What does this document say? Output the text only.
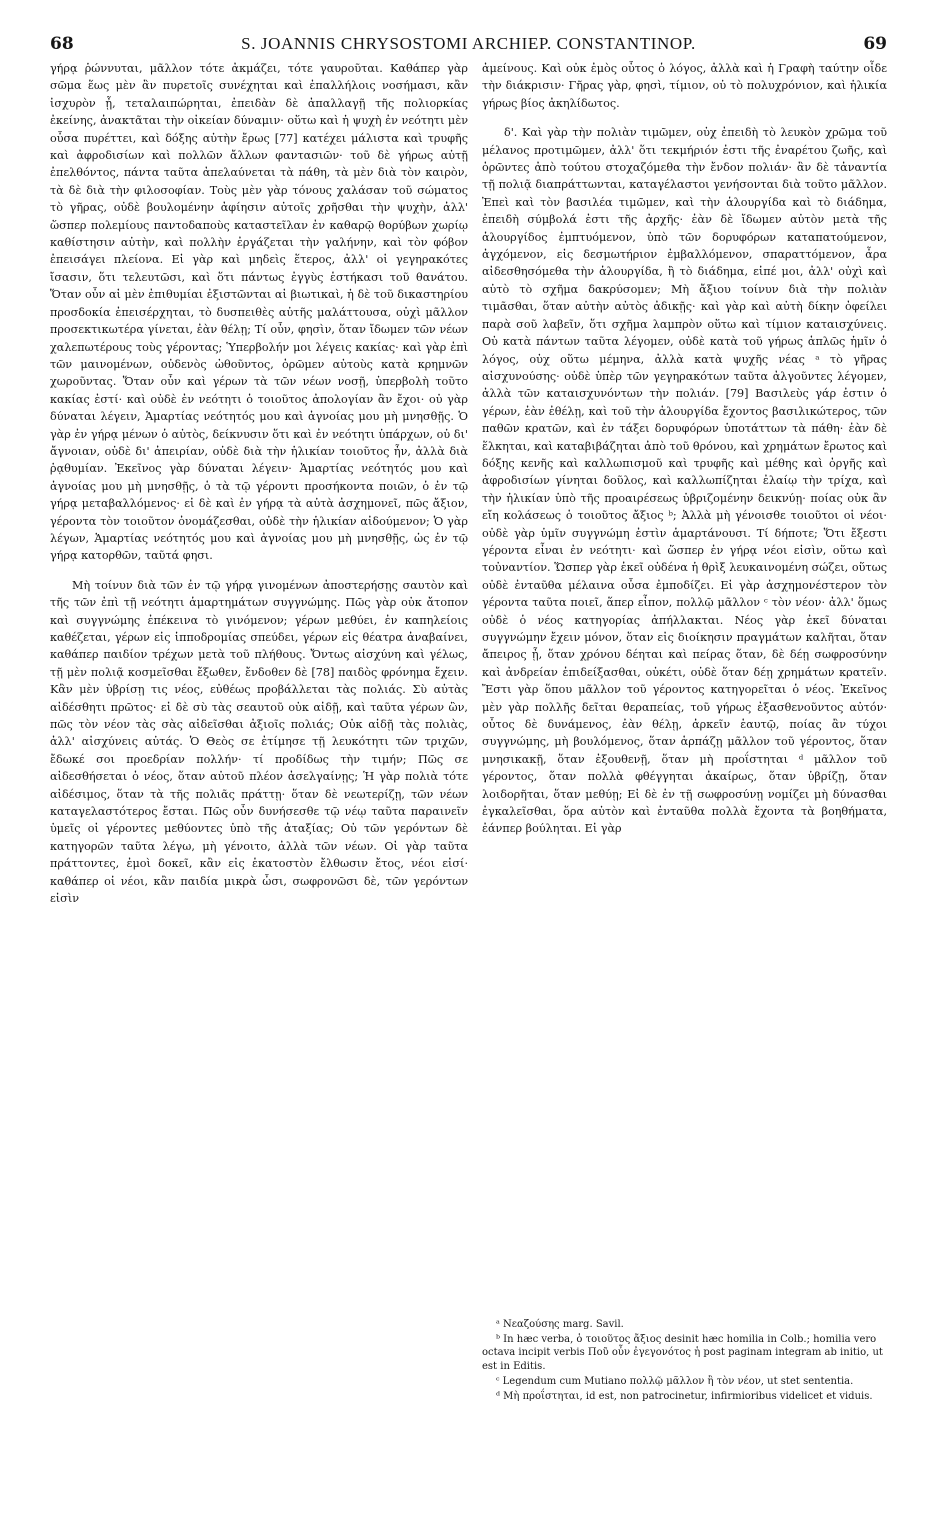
68	S. JOANNIS CHRYSOSTOMI ARCHIEP. CONSTANTINOP.	69

γήρᾳ ῥώννυται, μᾶλλον τότε ἀκμάζει, τότε γαυροῦται. Καθάπερ γὰρ σῶμα ἕως μὲν ἂν πυρετοῖς συνέχηται καὶ ἐπαλλήλοις νοσήμασι, κἂν ἰσχυρὸν ᾖ, τεταλαιπώρηται, ἐπειδὰν δὲ ἀπαλλαγῇ τῆς πολιορκίας ἐκείνης, ἀνακτᾶται τὴν οἰκείαν δύναμιν· οὕτω καὶ ἡ ψυχὴ ἐν νεότητι μὲν οὖσα πυρέττει, καὶ δόξης αὐτὴν ἔρως [77] κατέχει μάλιστα καὶ τρυφῆς καὶ ἀφροδισίων καὶ πολλῶν ἄλλων φαντασιῶν· τοῦ δὲ γήρως αὐτῇ ἐπελθόντος, πάντα ταῦτα ἀπελαύνεται τὰ πάθη, τὰ μὲν διὰ τὸν καιρὸν, τὰ δὲ διὰ τὴν φιλοσοφίαν. Τοὺς μὲν γὰρ τόνους χαλάσαν τοῦ σώματος τὸ γῆρας, οὐδὲ βουλομένην ἀφίησιν αὐτοῖς χρῆσθαι τὴν ψυχὴν, ἀλλ' ὥσπερ πολεμίους παντοδαποὺς καταστεῖλαν ἐν καθαρῷ θορύβων χωρίῳ καθίστησιν αὐτὴν, καὶ πολλὴν ἐργάζεται τὴν γαλήνην, καὶ τὸν φόβον ἐπεισάγει πλείονα. Εἰ γὰρ καὶ μηδεὶς ἕτερος, ἀλλ' οἱ γεγηρακότες ἴσασιν, ὅτι τελευτῶσι, καὶ ὅτι πάντως ἐγγὺς ἑστήκασι τοῦ θανάτου. Ὅταν οὖν αἱ μὲν ἐπιθυμίαι ἐξιστῶνται αἱ βιωτικαὶ, ἡ δὲ τοῦ δικαστηρίου προσδοκία ἐπεισέρχηται, τὸ δυσπειθὲς αὐτῆς μαλάττουσα, οὐχὶ μᾶλλον προσεκτικωτέρα γίνεται, ἐὰν θέλῃ; Τί οὖν, φησὶν, ὅταν ἴδωμεν τῶν νέων χαλεπωτέρους τοὺς γέροντας; Ὑπερβολήν μοι λέγεις κακίας· καὶ γὰρ ἐπὶ τῶν μαινομένων, οὐδενὸς ὠθοῦντος, ὁρῶμεν αὐτοὺς κατὰ κρημνῶν χωροῦντας. Ὅταν οὖν καὶ γέρων τὰ τῶν νέων νοσῇ, ὑπερβολὴ τοῦτο κακίας ἐστί· καὶ οὐδὲ ἐν νεότητι ὁ τοιοῦτος ἀπολογίαν ἂν ἔχοι· οὐ γὰρ δύναται λέγειν, Ἁμαρτίας νεότητός μου καὶ ἀγνοίας μου μὴ μνησθῇς. Ὁ γὰρ ἐν γήρᾳ μένων ὁ αὐτὸς, δείκνυσιν ὅτι καὶ ἐν νεότητι ὑπάρχων, οὐ δι' ἄγνοιαν, οὐδὲ δι' ἀπειρίαν, οὐδὲ διὰ τὴν ἡλικίαν τοιοῦτος ἦν, ἀλλὰ διὰ ῥᾳθυμίαν. Ἐκεῖνος γὰρ δύναται λέγειν· Ἁμαρτίας νεότητός μου καὶ ἀγνοίας μου μὴ μνησθῇς, ὁ τὰ τῷ γέροντι προσήκοντα ποιῶν, ὁ ἐν τῷ γήρᾳ μεταβαλλόμενος· εἰ δὲ καὶ ἐν γήρᾳ τὰ αὐτὰ ἀσχημονεῖ, πῶς ἄξιον, γέροντα τὸν τοιοῦτον ὀνομάζεσθαι, οὐδὲ τὴν ἡλικίαν αἰδούμενον; Ὁ γὰρ λέγων, Ἁμαρτίας νεότητός μου καὶ ἀγνοίας μου μὴ μνησθῇς, ὡς ἐν τῷ γήρᾳ κατορθῶν, ταῦτά φησι.

Μὴ τοίνυν διὰ τῶν ἐν τῷ γήρᾳ γινομένων ἀποστερήσῃς σαυτὸν καὶ τῆς τῶν ἐπὶ τῇ νεότητι ἁμαρτημάτων συγγνώμης. Πῶς γὰρ οὐκ ἄτοπον καὶ συγγνώμης ἐπέκεινα τὸ γινόμενον; γέρων μεθύει, ἐν καπηλείοις καθέζεται, γέρων εἰς ἱπποδρομίας σπεύδει, γέρων εἰς θέατρα ἀναβαίνει, καθάπερ παιδίον τρέχων μετὰ τοῦ πλήθους. Ὄντως αἰσχύνη καὶ γέλως, τῇ μὲν πολιᾷ κοσμεῖσθαι ἔξωθεν, ἔνδοθεν δὲ [78] παιδὸς φρόνημα ἔχειν. Κἂν μὲν ὑβρίσῃ τις νέος, εὐθέως προβάλλεται τὰς πολιάς. Σὺ αὐτὰς αἰδέσθητι πρῶτος· εἰ δὲ σὺ τὰς σεαυτοῦ οὐκ αἰδῇ, καὶ ταῦτα γέρων ὢν, πῶς τὸν νέον τὰς σὰς αἰδεῖσθαι ἀξιοῖς πολιάς; Οὐκ αἰδῇ τὰς πολιὰς, ἀλλ' αἰσχύνεις αὐτάς. Ὁ Θεὸς σε ἐτίμησε τῇ λευκότητι τῶν τριχῶν, ἔδωκέ σοι προεδρίαν πολλήν· τί προδίδως τὴν τιμήν; Πῶς σε αἰδεσθήσεται ὁ νέος, ὅταν αὐτοῦ πλέον ἀσελγαίνῃς; Ἡ γὰρ πολιὰ τότε αἰδέσιμος, ὅταν τὰ τῆς πολιᾶς πράττῃ· ὅταν δὲ νεωτερίζῃ, τῶν νέων καταγελαστότερος ἔσται. Πῶς οὖν δυνήσεσθε τῷ νέῳ ταῦτα παραινεῖν ὑμεῖς οἱ γέροντες μεθύοντες ὑπὸ τῆς ἀταξίας; Οὐ τῶν γερόντων δὲ κατηγορῶν ταῦτα λέγω, μὴ γένοιτο, ἀλλὰ τῶν νέων. Οἱ γὰρ ταῦτα πράττοντες, ἐμοὶ δοκεῖ, κἂν εἰς ἑκατοστὸν ἔλθωσιν ἔτος, νέοι εἰσί· καθάπερ οἱ νέοι, κἂν παιδία μικρὰ ὦσι, σωφρονῶσι δὲ, τῶν γερόντων εἰσὶν

ἀμείνους. Καὶ οὐκ ἐμὸς οὗτος ὁ λόγος, ἀλλὰ καὶ ἡ Γραφὴ ταύτην οἶδε τὴν διάκρισιν· Γῆρας γὰρ, φησὶ, τίμιον, οὐ τὸ πολυχρόνιον, καὶ ἡλικία γήρως βίος ἀκηλίδωτος.

δ'. Καὶ γὰρ τὴν πολιὰν τιμῶμεν, οὐχ ἐπειδὴ τὸ λευκὸν χρῶμα τοῦ μέλανος προτιμῶμεν, ἀλλ' ὅτι τεκμήριόν ἐστι τῆς ἐναρέτου ζωῆς, καὶ ὁρῶντες ἀπὸ τούτου στοχαζόμεθα τὴν ἔνδον πολιάν· ἂν δὲ τἀναντία τῇ πολιᾷ διαπράττωνται, καταγέλαστοι γενήσονται διὰ τοῦτο μᾶλλον. Ἐπεὶ καὶ τὸν βασιλέα τιμῶμεν, καὶ τὴν ἁλουργίδα καὶ τὸ διάδημα, ἐπειδὴ σύμβολά ἐστι τῆς ἀρχῆς· ἐὰν δὲ ἴδωμεν αὐτὸν μετὰ τῆς ἁλουργίδος ἐμπτυόμενον, ὑπὸ τῶν δορυφόρων καταπατούμενον, ἀγχόμενον, εἰς δεσμωτήριον ἐμβαλλόμενον, σπαραττόμενον, ἆρα αἰδεσθησόμεθα τὴν ἁλουργίδα, ἢ τὸ διάδημα, εἰπέ μοι, ἀλλ' οὐχὶ καὶ αὐτὸ τὸ σχῆμα δακρύσομεν; Μὴ ἄξιου τοίνυν διὰ τὴν πολιὰν τιμᾶσθαι, ὅταν αὐτὴν αὐτὸς ἀδικῇς· καὶ γὰρ καὶ αὐτὴ δίκην ὀφείλει παρὰ σοῦ λαβεῖν, ὅτι σχῆμα λαμπρὸν οὕτω καὶ τίμιον καταισχύνεις. Οὐ κατὰ πάντων ταῦτα λέγομεν, οὐδὲ κατὰ τοῦ γήρως ἁπλῶς ἡμῖν ὁ λόγος, οὐχ οὕτω μέμηνα, ἀλλὰ κατὰ ψυχῆς νέας ᵃ τὸ γῆρας αἰσχυνούσης· οὐδὲ ὑπὲρ τῶν γεγηρακότων ταῦτα ἀλγοῦντες λέγομεν, ἀλλὰ τῶν καταισχυνόντων τὴν πολιάν. [79] Βασιλεὺς γάρ ἐστιν ὁ γέρων, ἐὰν ἐθέλῃ, καὶ τοῦ τὴν ἁλουργίδα ἔχοντος βασιλικώτερος, τῶν παθῶν κρατῶν, καὶ ἐν τάξει δορυφόρων ὑποτάττων τὰ πάθη· ἐὰν δὲ ἕλκηται, καὶ καταβιβάζηται ἀπὸ τοῦ θρόνου, καὶ χρημάτων ἔρωτος καὶ δόξης κενῆς καὶ καλλωπισμοῦ καὶ τρυφῆς καὶ μέθης καὶ ὀργῆς καὶ ἀφροδισίων γίνηται δοῦλος, καὶ καλλωπίζηται ἐλαίῳ τὴν τρίχα, καὶ τὴν ἡλικίαν ὑπὸ τῆς προαιρέσεως ὑβριζομένην δεικνύῃ· ποίας οὐκ ἂν εἴη κολάσεως ὁ τοιοῦτος ἄξιος ᵇ; Ἀλλὰ μὴ γένοισθε τοιοῦτοι οἱ νέοι· οὐδὲ γὰρ ὑμῖν συγγνώμη ἐστὶν ἁμαρτάνουσι. Τί δήποτε; Ὅτι ἔξεστι γέροντα εἶναι ἐν νεότητι· καὶ ὥσπερ ἐν γήρᾳ νέοι εἰσὶν, οὕτω καὶ τοὐναντίον. Ὥσπερ γὰρ ἐκεῖ οὐδένα ἡ θρὶξ λευκαινομένη σώζει, οὕτως οὐδὲ ἐνταῦθα μέλαινα οὖσα ἐμποδίζει. Εἰ γὰρ ἀσχημονέστερον τὸν γέροντα ταῦτα ποιεῖ, ἅπερ εἶπον, πολλῷ μᾶλλον ᶜ τὸν νέον· ἀλλ' ὅμως οὐδὲ ὁ νέος κατηγορίας ἀπήλλακται. Νέος γὰρ ἐκεῖ δύναται συγγνώμην ἔχειν μόνον, ὅταν εἰς διοίκησιν πραγμάτων καλῆται, ὅταν ἄπειρος ᾖ, ὅταν χρόνου δέηται καὶ πείρας ὅταν, δὲ δέῃ σωφροσύνην καὶ ἀνδρείαν ἐπιδείξασθαι, οὐκέτι, οὐδὲ ὅταν δέῃ χρημάτων κρατεῖν. Ἔστι γὰρ ὅπου μᾶλλον τοῦ γέροντος κατηγορεῖται ὁ νέος. Ἐκεῖνος μὲν γὰρ πολλῆς δεῖται θεραπείας, τοῦ γήρως ἐξασθενοῦντος αὐτόν· οὗτος δὲ δυνάμενος, ἐὰν θέλῃ, ἀρκεῖν ἑαυτῷ, ποίας ἂν τύχοι συγγνώμης, μὴ βουλόμενος, ὅταν ἁρπάζῃ μᾶλλον τοῦ γέροντος, ὅταν μνησικακῇ, ὅταν ἐξουθενῇ, ὅταν μὴ προΐστηται ᵈ μᾶλλον τοῦ γέροντος, ὅταν πολλὰ φθέγγηται ἀκαίρως, ὅταν ὑβρίζῃ, ὅταν λοιδορῆται, ὅταν μεθύῃ; Εἰ δὲ ἐν τῇ σωφροσύνῃ νομίζει μὴ δύνασθαι ἐγκαλεῖσθαι, ὅρα αὐτὸν καὶ ἐνταῦθα πολλὰ ἔχοντα τὰ βοηθήματα, ἐάνπερ βούληται. Εἰ γὰρ

ᵃ Νεαζούσης marg. Savil.

ᵇ In hæc verba, ὁ τοιοῦτος ἄξιος desinit hæc homilia in Colb.; homilia vero octava incipit verbis Ποῦ οὖν ἐγεγονότος ἡ post paginam integram ab initio, ut est in Editis.

ᶜ Legendum cum Mutiano πολλῷ μᾶλλον ἢ τὸν νέον, ut stet sententia.

ᵈ Μὴ προΐστηται, id est, non patrocinetur, infirmioribus videlicet et viduis.
